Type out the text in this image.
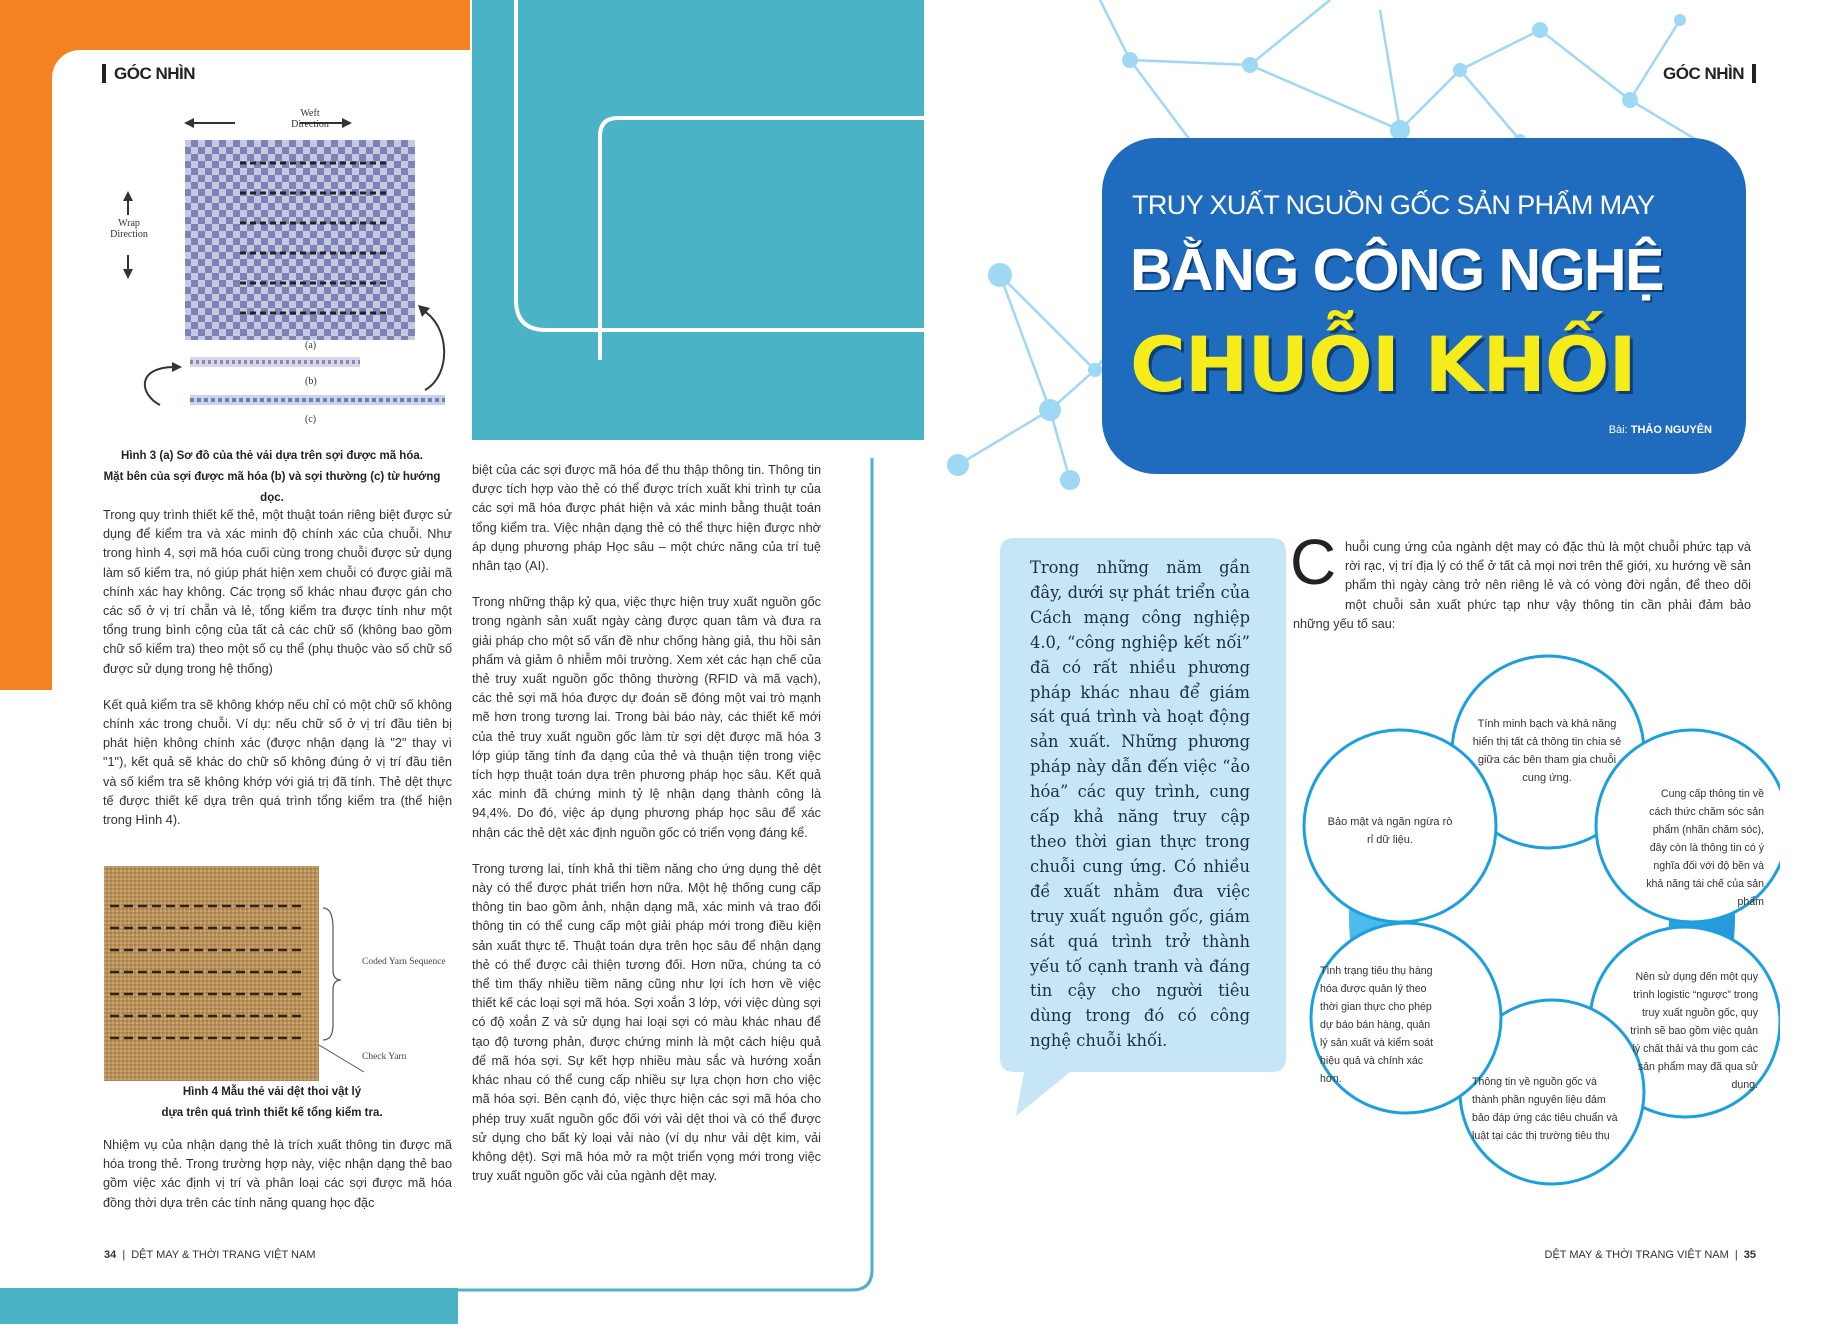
GÓC NHÌN
Weft
Direction
Wrap
Direction
(a)
(b)
(c)
Hình 3 (a) Sơ đồ của thẻ vải dựa trên sợi được mã hóa.
Mặt bên của sợi được mã hóa (b) và sợi thường (c) từ hướng dọc.

Trong quy trình thiết kế thẻ, một thuật toán riêng biệt được sử dụng để kiểm tra và xác minh độ chính xác của chuỗi. Như trong hình 4, sợi mã hóa cuối cùng trong chuỗi được sử dụng làm số kiểm tra, nó giúp phát hiện xem chuỗi có được giải mã chính xác hay không. Các trọng số khác nhau được gán cho các số ở vị trí chẵn và lẻ, tổng kiểm tra được tính như một tổng trung bình cộng của tất cả các chữ số (không bao gồm chữ số kiểm tra) theo một số cụ thể (phụ thuộc vào số chữ số được sử dụng trong hệ thống)

Kết quả kiểm tra sẽ không khớp nếu chỉ có một chữ số không chính xác trong chuỗi. Ví dụ: nếu chữ số ở vị trí đầu tiên bị phát hiện không chính xác (được nhận dạng là "2" thay vì "1"), kết quả sẽ khác do chữ số không đúng ở vị trí đầu tiên và số kiểm tra sẽ không khớp với giá trị đã tính. Thẻ dệt thực tế được thiết kế dựa trên quá trình tổng kiểm tra (thể hiện trong Hình 4).

Coded Yarn Sequence
Check Yarn
Hình 4 Mẫu thẻ vải dệt thoi vật lý
dựa trên quá trình thiết kế tổng kiểm tra.

Nhiệm vụ của nhận dạng thẻ là trích xuất thông tin được mã hóa trong thẻ. Trong trường hợp này, việc nhận dạng thẻ bao gồm việc xác định vị trí và phân loại các sợi được mã hóa đồng thời dựa trên các tính năng quang học đặc

biệt của các sợi được mã hóa để thu thập thông tin. Thông tin được tích hợp vào thẻ có thể được trích xuất khi trình tự của các sợi mã hóa được phát hiện và xác minh bằng thuật toán tổng kiểm tra. Việc nhận dạng thẻ có thể thực hiện được nhờ áp dụng phương pháp Học sâu – một chức năng của trí tuệ nhân tạo (AI).

Trong những thập kỷ qua, việc thực hiện truy xuất nguồn gốc trong ngành sản xuất ngày càng được quan tâm và đưa ra giải pháp cho một số vấn đề như chống hàng giả, thu hồi sản phẩm và giảm ô nhiễm môi trường. Xem xét các hạn chế của thẻ truy xuất nguồn gốc thông thường (RFID và mã vạch), các thẻ sợi mã hóa được dự đoán sẽ đóng một vai trò mạnh mẽ hơn trong tương lai. Trong bài báo này, các thiết kế mới của thẻ truy xuất nguồn gốc làm từ sợi dệt được mã hóa 3 lớp giúp tăng tính đa dạng của thẻ và thuận tiện trong việc tích hợp thuật toán dựa trên phương pháp học sâu. Kết quả xác minh đã chứng minh tỷ lệ nhận dạng thành công là 94,4%. Do đó, việc áp dụng phương pháp học sâu để xác nhận các thẻ dệt xác định nguồn gốc có triển vọng đáng kể.

Trong tương lai, tính khả thi tiềm năng cho ứng dụng thẻ dệt này có thể được phát triển hơn nữa. Một hệ thống cung cấp thông tin bao gồm ảnh, nhận dạng mã, xác minh và trao đổi thông tin có thể cung cấp một giải pháp mới trong điều kiện sản xuất thực tế. Thuật toán dựa trên học sâu để nhận dạng thẻ có thể được cải thiện tương đối. Hơn nữa, chúng ta có thể tìm thấy nhiều tiềm năng cũng như lợi ích hơn về việc thiết kế các loại sợi mã hóa. Sợi xoắn 3 lớp, với việc dùng sợi có độ xoắn Z và sử dụng hai loại sợi có màu khác nhau để tạo độ tương phản, được chứng minh là một cách hiệu quả để mã hóa sợi. Sự kết hợp nhiều màu sắc và hướng xoắn khác nhau có thể cung cấp nhiều sự lựa chọn hơn cho việc mã hóa sợi. Bên cạnh đó, việc thực hiện các sợi mã hóa cho phép truy xuất nguồn gốc đối với vải dệt thoi và có thể được sử dụng cho bất kỳ loại vải nào (ví dụ như vải dệt kim, vải không dệt). Sợi mã hóa mở ra một triển vọng mới trong việc truy xuất nguồn gốc vải của ngành dệt may.

34 | DỆT MAY & THỜI TRANG VIỆT NAM
GÓC NHÌN
TRUY XUẤT NGUỒN GỐC SẢN PHẨM MAY
BẰNG CÔNG NGHỆ
CHUỖI KHỐI
Bài: THẢO NGUYÊN
Trong những năm gần đây, dưới sự phát triển của Cách mạng công nghiệp 4.0, “công nghiệp kết nối” đã có rất nhiều phương pháp khác nhau để giám sát quá trình và hoạt động sản xuất. Những phương pháp này dẫn đến việc “ảo hóa” các quy trình, cung cấp khả năng truy cập theo thời gian thực trong chuỗi cung ứng. Có nhiều đề xuất nhằm đưa việc truy xuất nguồn gốc, giám sát quá trình trở thành yếu tố cạnh tranh và đáng tin cậy cho người tiêu dùng trong đó có công nghệ chuỗi khối.
C huỗi cung ứng của ngành dệt may có đặc thù là một chuỗi phức tạp và rời rạc, vị trí địa lý có thể ở tất cả mọi nơi trên thế giới, xu hướng về sản phẩm thì ngày càng trở nên riêng lẻ và có vòng đời ngắn, để theo dõi một chuỗi sản xuất phức tạp như vậy thông tin cần phải đảm bảo những yếu tố sau:
Tính minh bạch và khả năng hiển thị tất cả thông tin chia sẻ giữa các bên tham gia chuỗi cung ứng.
Cung cấp thông tin về cách thức chăm sóc sản phẩm (nhãn chăm sóc), đây còn là thông tin có ý nghĩa đối với độ bền và khả năng tái chế của sản phẩm
Nên sử dụng đến một quy trình logistic “ngược” trong truy xuất nguồn gốc, quy trình sẽ bao gồm việc quản lý chất thải và thu gom các sản phẩm may đã qua sử dụng.
Thông tin về nguồn gốc và thành phần nguyên liệu đảm bảo đáp ứng các tiêu chuẩn và luật tại các thị trường tiêu thụ
Tình trạng tiêu thụ hàng hóa được quản lý theo thời gian thực cho phép dự báo bán hàng, quản lý sản xuất và kiểm soát hiệu quả và chính xác hơn.
Bảo mật và ngăn ngừa rò rỉ dữ liệu.
DỆT MAY & THỜI TRANG VIỆT NAM | 35
